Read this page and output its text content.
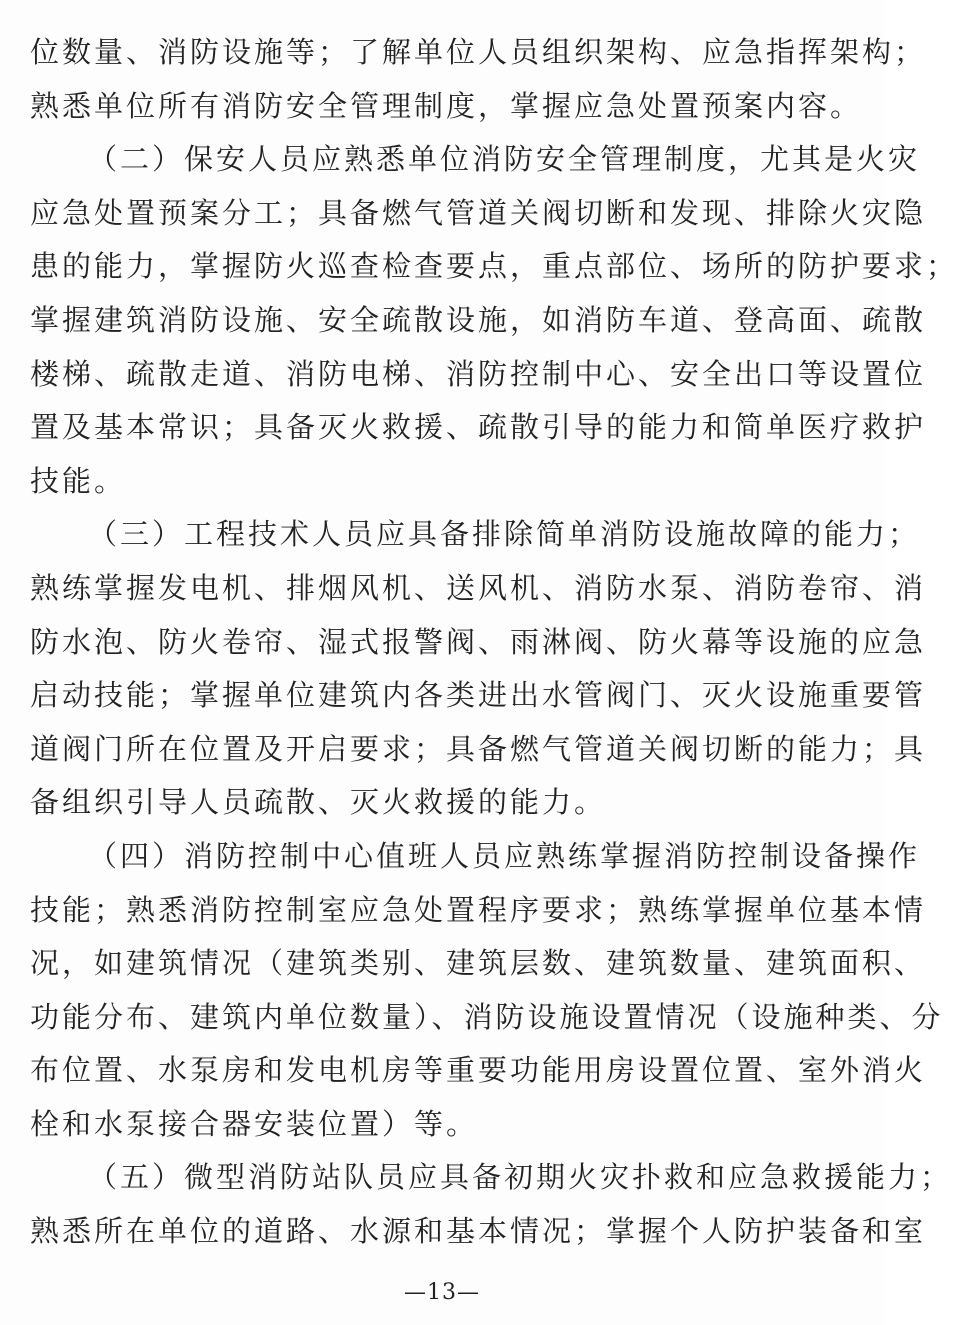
位数量、消防设施等；了解单位人员组织架构、应急指挥架构；
熟悉单位所有消防安全管理制度，掌握应急处置预案内容。
（二）保安人员应熟悉单位消防安全管理制度，尤其是火灾
应急处置预案分工；具备燃气管道关阀切断和发现、排除火灾隐
患的能力，掌握防火巡查检查要点，重点部位、场所的防护要求；
掌握建筑消防设施、安全疏散设施，如消防车道、登高面、疏散
楼梯、疏散走道、消防电梯、消防控制中心、安全出口等设置位
置及基本常识；具备灭火救援、疏散引导的能力和简单医疗救护
技能。
（三）工程技术人员应具备排除简单消防设施故障的能力；
熟练掌握发电机、排烟风机、送风机、消防水泵、消防卷帘、消
防水泡、防火卷帘、湿式报警阀、雨淋阀、防火幕等设施的应急
启动技能；掌握单位建筑内各类进出水管阀门、灭火设施重要管
道阀门所在位置及开启要求；具备燃气管道关阀切断的能力；具
备组织引导人员疏散、灭火救援的能力。
（四）消防控制中心值班人员应熟练掌握消防控制设备操作
技能；熟悉消防控制室应急处置程序要求；熟练掌握单位基本情
况，如建筑情况（建筑类别、建筑层数、建筑数量、建筑面积、
功能分布、建筑内单位数量）、消防设施设置情况（设施种类、分
布位置、水泵房和发电机房等重要功能用房设置位置、室外消火
栓和水泵接合器安装位置）等。
（五）微型消防站队员应具备初期火灾扑救和应急救援能力；
熟悉所在单位的道路、水源和基本情况；掌握个人防护装备和室
—13—
